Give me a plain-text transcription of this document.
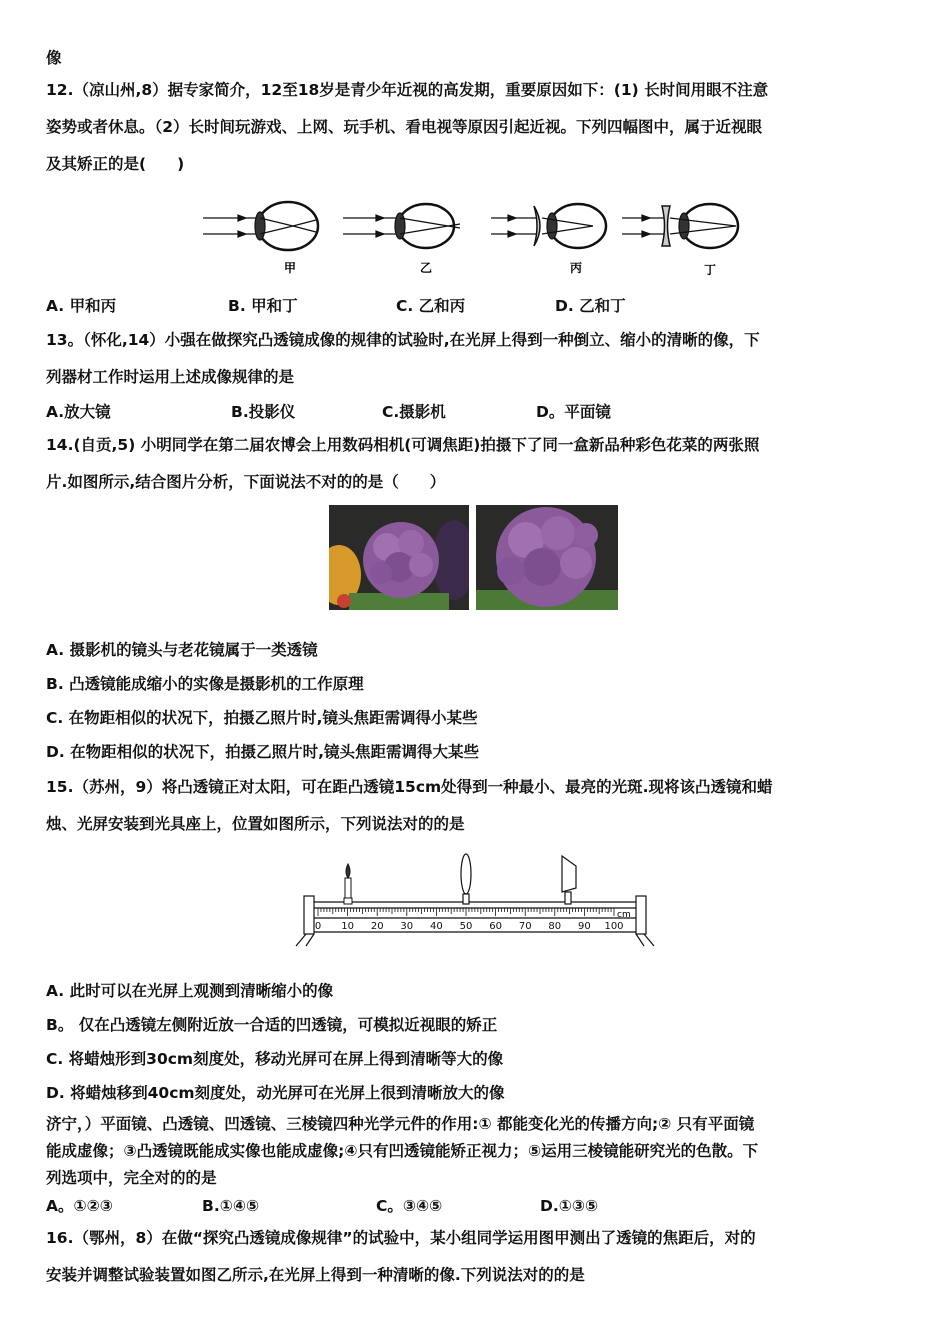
像
12.（凉山州,8）据专家简介，12至18岁是青少年近视的高发期，重要原因如下：(1) 长时间用眼不注意
姿势或者休息。（2）长时间玩游戏、上网、玩手机、看电视等原因引起近视。下列四幅图中，属于近视眼
及其矫正的是(　　)
甲	乙	丙	丁
A. 甲和丙	B. 甲和丁	C. 乙和丙	D. 乙和丁
13。（怀化,14）小强在做探究凸透镜成像的规律的试验时,在光屏上得到一种倒立、缩小的清晰的像，下
列器材工作时运用上述成像规律的是
A.放大镜	B.投影仪	C.摄影机	D。平面镜
14.(自贡,5) 小明同学在第二届农博会上用数码相机(可调焦距)拍摄下了同一盒新品种彩色花菜的两张照
片.如图所示,结合图片分析，下面说法不对的的是（　　）
A. 摄影机的镜头与老花镜属于一类透镜
B. 凸透镜能成缩小的实像是摄影机的工作原理
C. 在物距相似的状况下，拍摄乙照片时,镜头焦距需调得小某些
D. 在物距相似的状况下，拍摄乙照片时,镜头焦距需调得大某些
15.（苏州，9）将凸透镜正对太阳，可在距凸透镜15cm处得到一种最小、最亮的光斑.现将该凸透镜和蜡
烛、光屏安装到光具座上，位置如图所示，下列说法对的的是
0 10 20 30 40 50 60 70 80 90 100
cm
A. 此时可以在光屏上观测到清晰缩小的像
B。 仅在凸透镜左侧附近放一合适的凹透镜，可模拟近视眼的矫正
C. 将蜡烛形到30cm刻度处，移动光屏可在屏上得到清晰等大的像
D. 将蜡烛移到40cm刻度处，动光屏可在光屏上很到清晰放大的像
济宁，）平面镜、凸透镜、凹透镜、三棱镜四种光学元件的作用:① 都能变化光的传播方向;② 只有平面镜
能成虚像；③凸透镜既能成实像也能成虚像;④只有凹透镜能矫正视力；⑤运用三棱镜能研究光的色散。下
列选项中，完全对的的是
A。①②③	B.①④⑤	C。③④⑤	D.①③⑤
16.（鄂州，8）在做“探究凸透镜成像规律”的试验中，某小组同学运用图甲测出了透镜的焦距后，对的
安装并调整试验装置如图乙所示,在光屏上得到一种清晰的像.下列说法对的的是
